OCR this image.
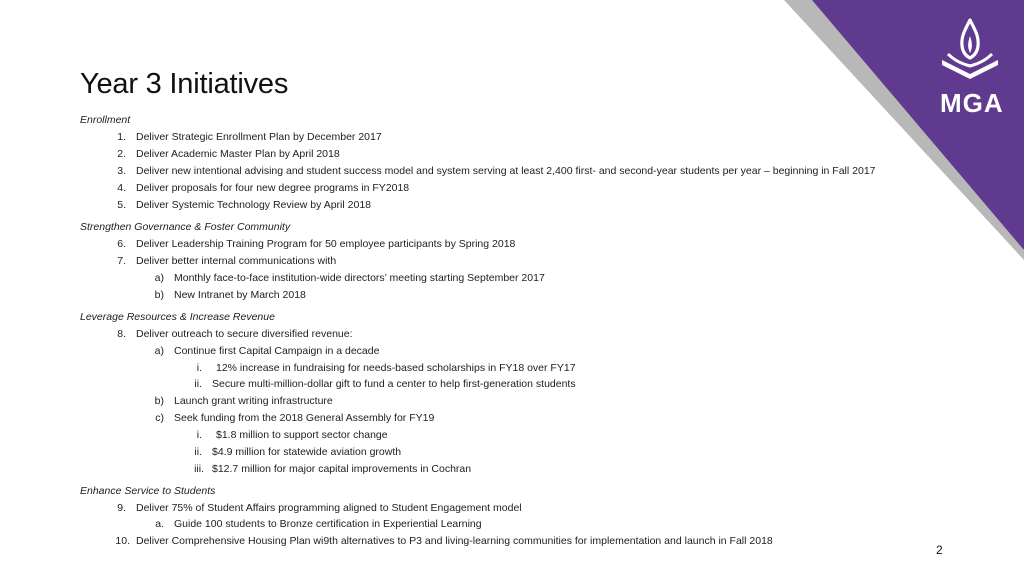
MGA
Year 3 Initiatives
Enrollment
1. Deliver Strategic Enrollment Plan by December 2017
2. Deliver Academic Master Plan by April 2018
3. Deliver new intentional advising and student success model and system serving at least 2,400 first- and second-year students per year – beginning in Fall 2017
4. Deliver proposals for four new degree programs in FY2018
5. Deliver Systemic Technology Review by April 2018
Strengthen Governance & Foster Community
6. Deliver Leadership Training Program for 50 employee participants by Spring 2018
7. Deliver better internal communications with
a) Monthly face-to-face institution-wide directors’ meeting starting September 2017
b) New Intranet by March 2018
Leverage Resources & Increase Revenue
8. Deliver outreach to secure diversified revenue:
a) Continue first Capital Campaign in a decade
i. 12% increase in fundraising for needs-based scholarships in FY18 over FY17
ii. Secure multi-million-dollar gift to fund a center to help first-generation students
b) Launch grant writing infrastructure
c) Seek funding from the 2018 General Assembly for FY19
i. $1.8 million to support sector change
ii. $4.9 million for statewide aviation growth
iii. $12.7 million for major capital improvements in Cochran
Enhance Service to Students
9. Deliver 75% of Student Affairs programming aligned to Student Engagement model
a. Guide 100 students to Bronze certification in Experiential Learning
10. Deliver Comprehensive Housing Plan wi9th alternatives to P3 and living-learning communities for implementation and launch in Fall 2018
2
